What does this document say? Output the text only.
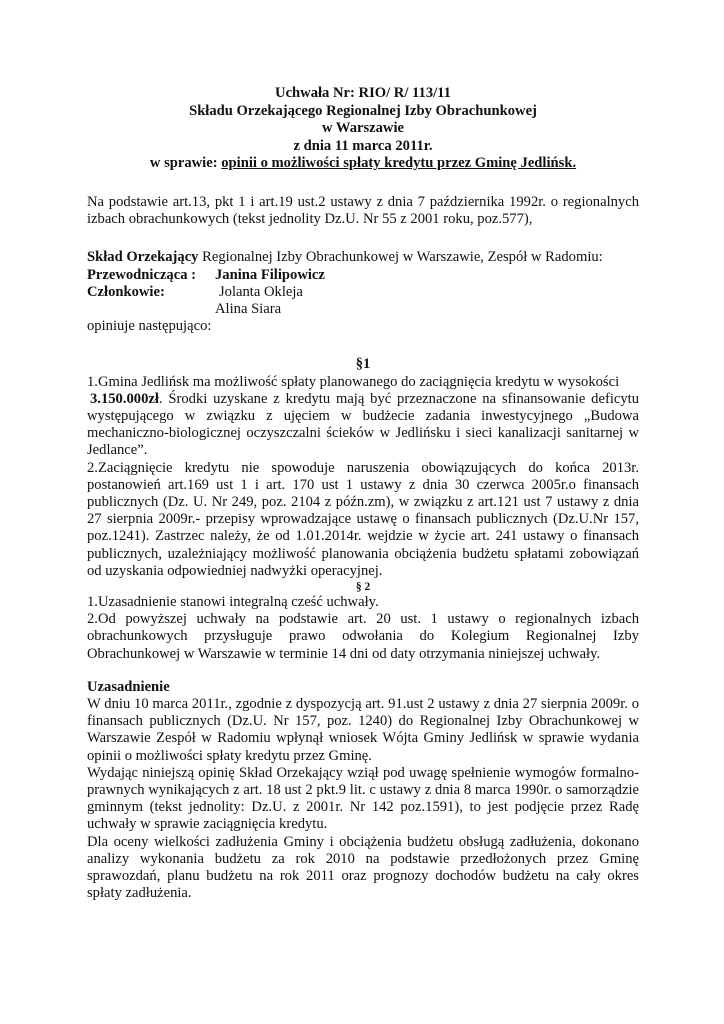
Uchwała Nr: RIO/ R/ 113/11
Składu Orzekającego Regionalnej Izby Obrachunkowej
w Warszawie
z dnia 11 marca 2011r.
w sprawie: opinii o możliwości spłaty kredytu przez Gminę Jedlińsk.

Na podstawie art.13, pkt 1 i art.19 ust.2 ustawy z dnia 7 października 1992r. o regionalnych izbach obrachunkowych (tekst jednolity Dz.U. Nr 55 z 2001 roku, poz.577),

Skład Orzekający Regionalnej Izby Obrachunkowej w Warszawie, Zespół w Radomiu:

Przewodnicząca :	Janina Filipowicz
Członkowie:	Jolanta Okleja
Alina Siara

opiniuje następująco:

§1

1.Gmina Jedlińsk ma możliwość spłaty planowanego do zaciągnięcia kredytu w wysokości
3.150.000zł. Środki uzyskane z kredytu mają być przeznaczone na sfinansowanie deficytu występującego w związku z ujęciem w budżecie zadania inwestycyjnego „Budowa mechaniczno-biologicznej oczyszczalni ścieków w Jedlińsku i sieci kanalizacji sanitarnej w Jedlance”.

2.Zaciągnięcie kredytu nie spowoduje naruszenia obowiązujących do końca 2013r. postanowień art.169 ust 1 i art. 170 ust 1 ustawy z dnia 30 czerwca 2005r.o finansach publicznych (Dz. U. Nr 249, poz. 2104 z późn.zm), w związku z art.121 ust 7 ustawy z dnia 27 sierpnia 2009r.- przepisy wprowadzające ustawę o finansach publicznych (Dz.U.Nr 157, poz.1241). Zastrzec należy, że od 1.01.2014r. wejdzie w życie art. 241 ustawy o finansach publicznych, uzależniający możliwość planowania obciążenia budżetu spłatami zobowiązań od uzyskania odpowiedniej nadwyżki operacyjnej.

§ 2

1.Uzasadnienie stanowi integralną cześć uchwały.

2.Od powyższej uchwały na podstawie art. 20 ust. 1 ustawy o regionalnych izbach obrachunkowych przysługuje prawo odwołania do Kolegium Regionalnej Izby Obrachunkowej w Warszawie w terminie 14 dni od daty otrzymania niniejszej uchwały.

Uzasadnienie

W dniu 10 marca 2011r., zgodnie z dyspozycją art. 91.ust 2 ustawy z dnia 27 sierpnia 2009r. o finansach publicznych (Dz.U. Nr 157, poz. 1240) do Regionalnej Izby Obrachunkowej w Warszawie Zespół w Radomiu wpłynął wniosek Wójta Gminy Jedlińsk w sprawie wydania opinii o możliwości spłaty kredytu przez Gminę.

Wydając niniejszą opinię Skład Orzekający wziął pod uwagę spełnienie wymogów formalno-prawnych wynikających z art. 18 ust 2 pkt.9 lit. c ustawy z dnia 8 marca 1990r. o samorządzie gminnym (tekst jednolity: Dz.U. z 2001r. Nr 142 poz.1591), to jest podjęcie przez Radę uchwały w sprawie zaciągnięcia kredytu.

Dla oceny wielkości zadłużenia Gminy i obciążenia budżetu obsługą zadłużenia, dokonano analizy wykonania budżetu za rok 2010 na podstawie przedłożonych przez Gminę sprawozdań, planu budżetu na rok 2011 oraz prognozy dochodów budżetu na cały okres spłaty zadłużenia.
